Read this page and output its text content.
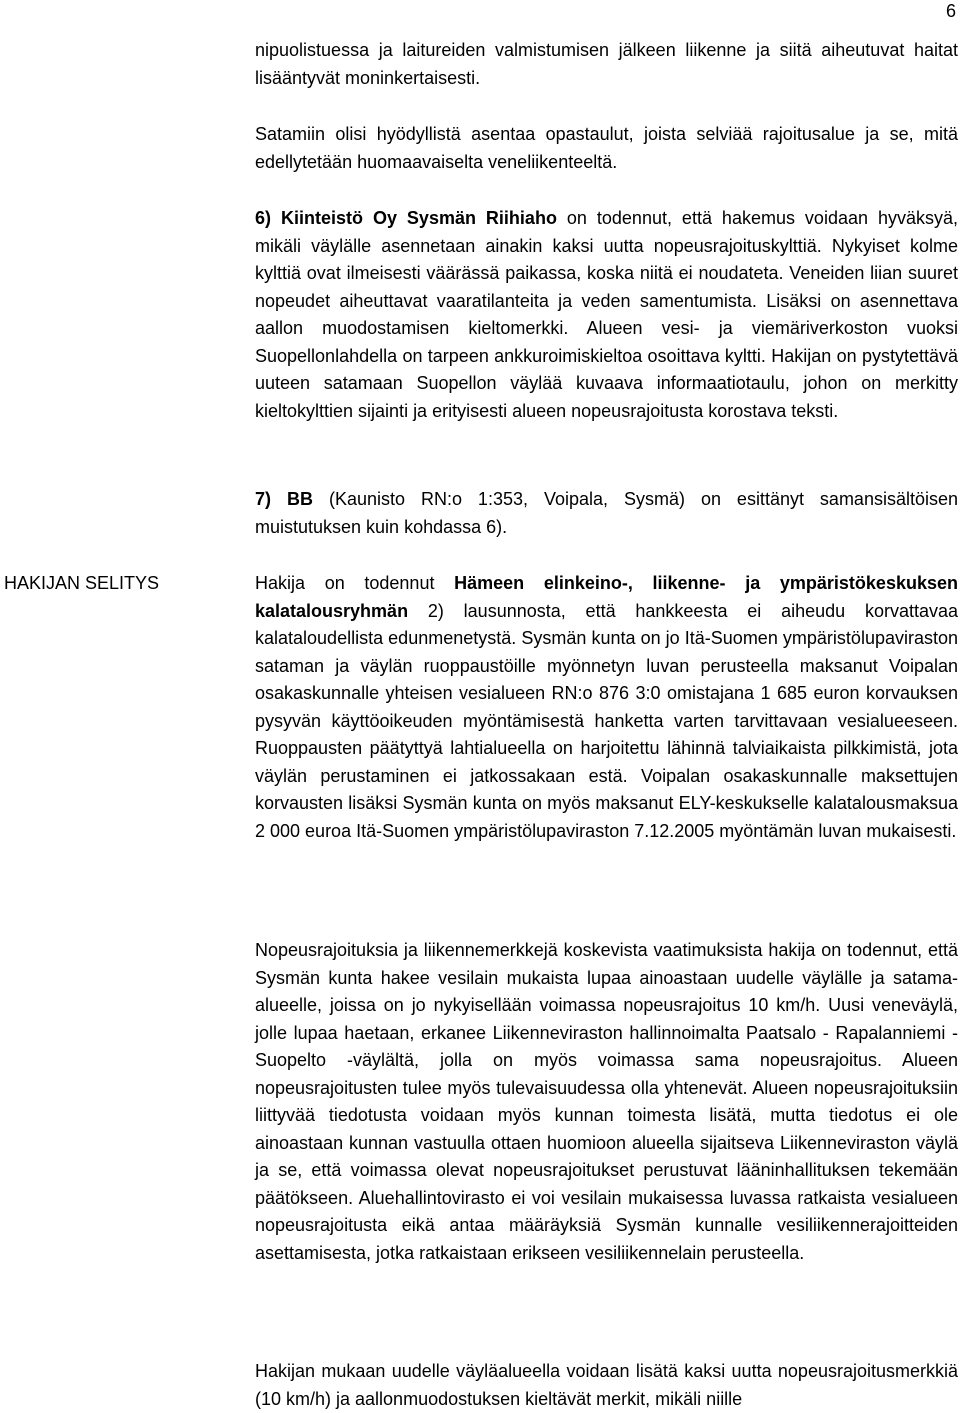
6

nipuolistuessa ja laitureiden valmistumisen jälkeen liikenne ja siitä aiheutuvat haitat lisääntyvät moninkertaisesti.

Satamiin olisi hyödyllistä asentaa opastaulut, joista selviää rajoitusalue ja se, mitä edellytetään huomaavaiselta veneliikenteeltä.

6) Kiinteistö Oy Sysmän Riihiaho on todennut, että hakemus voidaan hyväksyä, mikäli väylälle asennetaan ainakin kaksi uutta nopeusrajoituskylttiä. Nykyiset kolme kylttiä ovat ilmeisesti väärässä paikassa, koska niitä ei noudateta. Veneiden liian suuret nopeudet aiheuttavat vaaratilanteita ja veden samentumista. Lisäksi on asennettava aallon muodostamisen kieltomerkki. Alueen vesi- ja viemäriverkoston vuoksi Suopellonlahdella on tarpeen ankkuroimiskieltoa osoittava kyltti. Hakijan on pystytettävä uuteen satamaan Suopellon väylää kuvaava informaatiotaulu, johon on merkitty kieltokylttien sijainti ja erityisesti alueen nopeusrajoitusta korostava teksti.

7) BB (Kaunisto RN:o 1:353, Voipala, Sysmä) on esittänyt samansisältöisen muistutuksen kuin kohdassa 6).

HAKIJAN SELITYS	Hakija on todennut Hämeen elinkeino-, liikenne- ja ympäristökeskuksen kalatalousryhmän 2) lausunnosta, että hankkeesta ei aiheudu korvattavaa kalataloudellista edunmenetystä. Sysmän kunta on jo Itä-Suomen ympäristölupaviraston sataman ja väylän ruoppaustöille myönnetyn luvan perusteella maksanut Voipalan osakaskunnalle yhteisen vesialueen RN:o 876 3:0 omistajana 1 685 euron korvauksen pysyvän käyttöoikeuden myöntämisestä hanketta varten tarvittavaan vesialueeseen. Ruoppausten päätyttyä lahtialueella on harjoitettu lähinnä talviaikaista pilkkimistä, jota väylän perustaminen ei jatkossakaan estä. Voipalan osakaskunnalle maksettujen korvausten lisäksi Sysmän kunta on myös maksanut ELY-keskukselle kalatalousmaksua 2 000 euroa Itä-Suomen ympäristölupaviraston 7.12.2005 myöntämän luvan mukaisesti.

Nopeusrajoituksia ja liikennemerkkejä koskevista vaatimuksista hakija on todennut, että Sysmän kunta hakee vesilain mukaista lupaa ainoastaan uudelle väylälle ja satama-alueelle, joissa on jo nykyisellään voimassa nopeusrajoitus 10 km/h. Uusi veneväylä, jolle lupaa haetaan, erkanee Liikenneviraston hallinnoimalta Paatsalo - Rapalanniemi -Suopelto -väylältä, jolla on myös voimassa sama nopeusrajoitus. Alueen nopeusrajoitusten tulee myös tulevaisuudessa olla yhtenevät. Alueen nopeusrajoituksiin liittyvää tiedotusta voidaan myös kunnan toimesta lisätä, mutta tiedotus ei ole ainoastaan kunnan vastuulla ottaen huomioon alueella sijaitseva Liikenneviraston väylä ja se, että voimassa olevat nopeusrajoitukset perustuvat lääninhallituksen tekemään päätökseen. Aluehallintovirasto ei voi vesilain mukaisessa luvassa ratkaista vesialueen nopeusrajoitusta eikä antaa määräyksiä Sysmän kunnalle vesiliikennerajoitteiden asettamisesta, jotka ratkaistaan erikseen vesiliikennelain perusteella.

Hakijan mukaan uudelle väyläalueella voidaan lisätä kaksi uutta nopeusrajoitusmerkkiä (10 km/h) ja aallonmuodostuksen kieltävät merkit, mikäli niille
